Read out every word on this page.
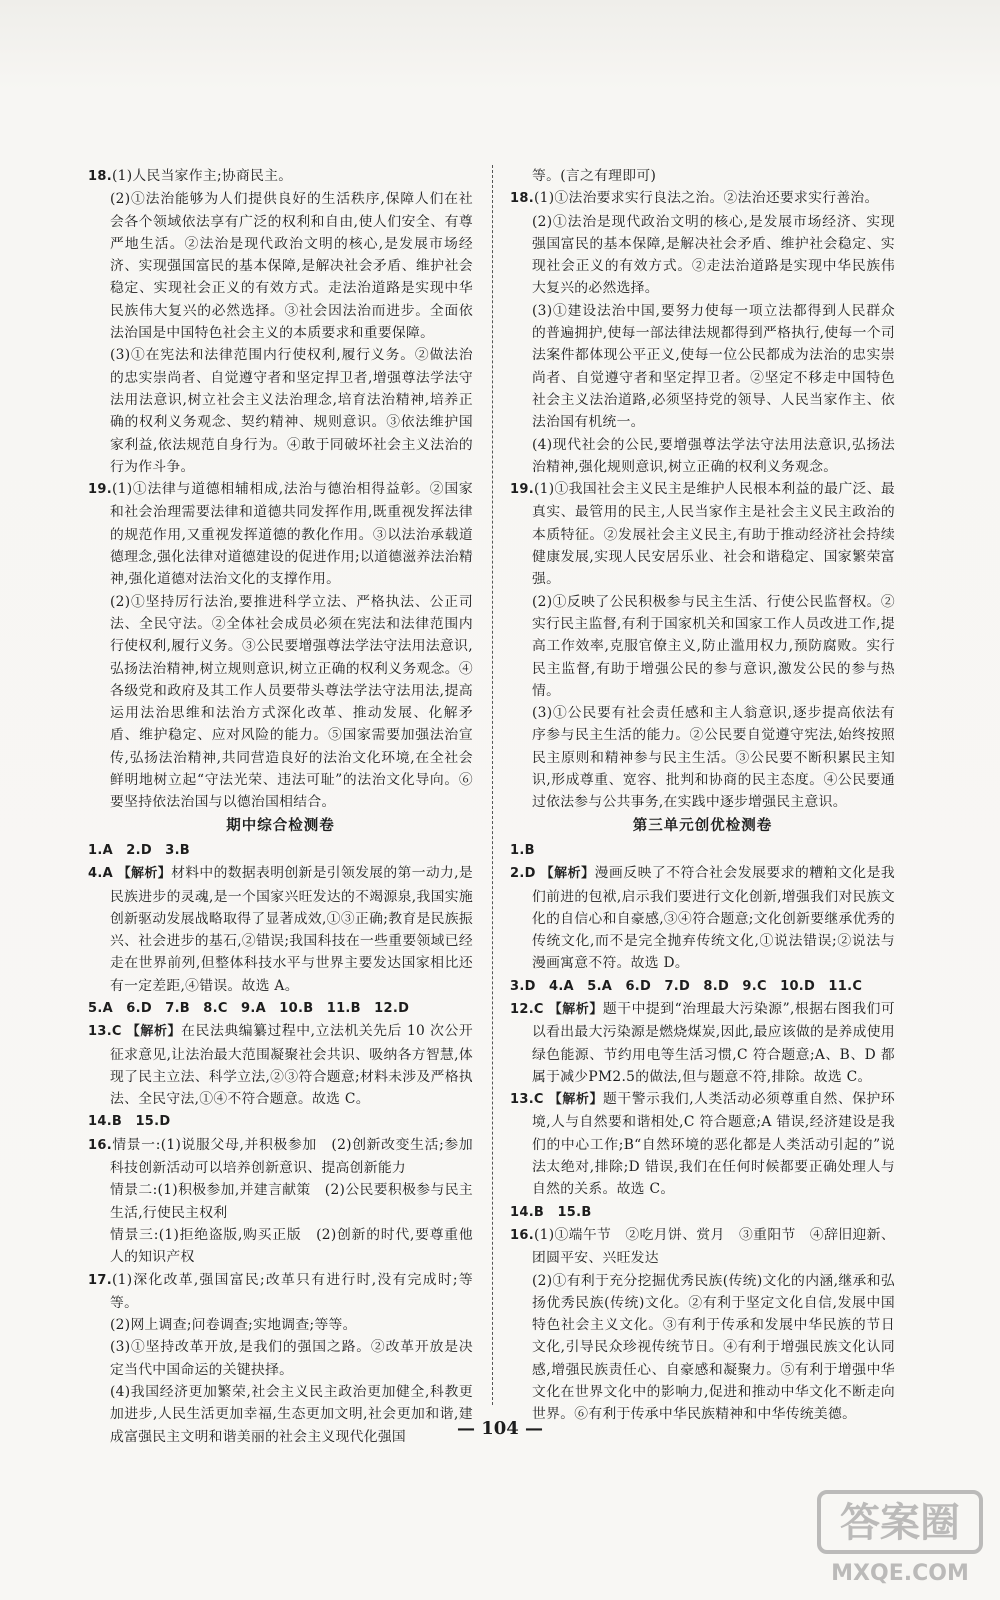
18.(1)人民当家作主;协商民主。

(2)①法治能够为人们提供良好的生活秩序,保障人们在社会各个领域依法享有广泛的权利和自由,使人们安全、有尊严地生活。②法治是现代政治文明的核心,是发展市场经济、实现强国富民的基本保障,是解决社会矛盾、维护社会稳定、实现社会正义的有效方式。走法治道路是实现中华民族伟大复兴的必然选择。③社会因法治而进步。全面依法治国是中国特色社会主义的本质要求和重要保障。

(3)①在宪法和法律范围内行使权利,履行义务。②做法治的忠实崇尚者、自觉遵守者和坚定捍卫者,增强尊法学法守法用法意识,树立社会主义法治理念,培育法治精神,培养正确的权利义务观念、契约精神、规则意识。③依法维护国家利益,依法规范自身行为。④敢于同破坏社会主义法治的行为作斗争。

19.(1)①法律与道德相辅相成,法治与德治相得益彰。②国家和社会治理需要法律和道德共同发挥作用,既重视发挥法律的规范作用,又重视发挥道德的教化作用。③以法治承载道德理念,强化法律对道德建设的促进作用;以道德滋养法治精神,强化道德对法治文化的支撑作用。

(2)①坚持厉行法治,要推进科学立法、严格执法、公正司法、全民守法。②全体社会成员必须在宪法和法律范围内行使权利,履行义务。③公民要增强尊法学法守法用法意识,弘扬法治精神,树立规则意识,树立正确的权利义务观念。④各级党和政府及其工作人员要带头尊法学法守法用法,提高运用法治思维和法治方式深化改革、推动发展、化解矛盾、维护稳定、应对风险的能力。⑤国家需要加强法治宣传,弘扬法治精神,共同营造良好的法治文化环境,在全社会鲜明地树立起“守法光荣、违法可耻”的法治文化导向。⑥要坚持依法治国与以德治国相结合。

期中综合检测卷

1.A　2.D　3.B

4.A 【解析】材料中的数据表明创新是引领发展的第一动力,是民族进步的灵魂,是一个国家兴旺发达的不竭源泉,我国实施创新驱动发展战略取得了显著成效,①③正确;教育是民族振兴、社会进步的基石,②错误;我国科技在一些重要领域已经走在世界前列,但整体科技水平与世界主要发达国家相比还有一定差距,④错误。故选 A。

5.A　6.D　7.B　8.C　9.A　10.B　11.B　12.D

13.C 【解析】在民法典编纂过程中,立法机关先后 10 次公开征求意见,让法治最大范围凝聚社会共识、吸纳各方智慧,体现了民主立法、科学立法,②③符合题意;材料未涉及严格执法、全民守法,①④不符合题意。故选 C。

14.B　15.D

16.情景一:(1)说服父母,并积极参加　(2)创新改变生活;参加科技创新活动可以培养创新意识、提高创新能力

情景二:(1)积极参加,并建言献策　(2)公民要积极参与民主生活,行使民主权利

情景三:(1)拒绝盗版,购买正版　(2)创新的时代,要尊重他人的知识产权

17.(1)深化改革,强国富民;改革只有进行时,没有完成时;等等。

(2)网上调查;问卷调查;实地调查;等等。

(3)①坚持改革开放,是我们的强国之路。②改革开放是决定当代中国命运的关键抉择。

(4)我国经济更加繁荣,社会主义民主政治更加健全,科教更加进步,人民生活更加幸福,生态更加文明,社会更加和谐,建成富强民主文明和谐美丽的社会主义现代化强国

等。(言之有理即可)

18.(1)①法治要求实行良法之治。②法治还要求实行善治。

(2)①法治是现代政治文明的核心,是发展市场经济、实现强国富民的基本保障,是解决社会矛盾、维护社会稳定、实现社会正义的有效方式。②走法治道路是实现中华民族伟大复兴的必然选择。

(3)①建设法治中国,要努力使每一项立法都得到人民群众的普遍拥护,使每一部法律法规都得到严格执行,使每一个司法案件都体现公平正义,使每一位公民都成为法治的忠实崇尚者、自觉遵守者和坚定捍卫者。②坚定不移走中国特色社会主义法治道路,必须坚持党的领导、人民当家作主、依法治国有机统一。

(4)现代社会的公民,要增强尊法学法守法用法意识,弘扬法治精神,强化规则意识,树立正确的权利义务观念。

19.(1)①我国社会主义民主是维护人民根本利益的最广泛、最真实、最管用的民主,人民当家作主是社会主义民主政治的本质特征。②发展社会主义民主,有助于推动经济社会持续健康发展,实现人民安居乐业、社会和谐稳定、国家繁荣富强。

(2)①反映了公民积极参与民主生活、行使公民监督权。②实行民主监督,有利于国家机关和国家工作人员改进工作,提高工作效率,克服官僚主义,防止滥用权力,预防腐败。实行民主监督,有助于增强公民的参与意识,激发公民的参与热情。

(3)①公民要有社会责任感和主人翁意识,逐步提高依法有序参与民主生活的能力。②公民要自觉遵守宪法,始终按照民主原则和精神参与民主生活。③公民要不断积累民主知识,形成尊重、宽容、批判和协商的民主态度。④公民要通过依法参与公共事务,在实践中逐步增强民主意识。

第三单元创优检测卷

1.B

2.D 【解析】漫画反映了不符合社会发展要求的糟粕文化是我们前进的包袱,启示我们要进行文化创新,增强我们对民族文化的自信心和自豪感,③④符合题意;文化创新要继承优秀的传统文化,而不是完全抛弃传统文化,①说法错误;②说法与漫画寓意不符。故选 D。

3.D　4.A　5.A　6.D　7.D　8.D　9.C　10.D　11.C

12.C 【解析】题干中提到“治理最大污染源”,根据右图我们可以看出最大污染源是燃烧煤炭,因此,最应该做的是养成使用绿色能源、节约用电等生活习惯,C 符合题意;A、B、D 都属于减少PM2.5的做法,但与题意不符,排除。故选 C。

13.C 【解析】题干警示我们,人类活动必须尊重自然、保护环境,人与自然要和谐相处,C 符合题意;A 错误,经济建设是我们的中心工作;B“自然环境的恶化都是人类活动引起的”说法太绝对,排除;D 错误,我们在任何时候都要正确处理人与自然的关系。故选 C。

14.B　15.B

16.(1)①端午节　②吃月饼、赏月　③重阳节　④辞旧迎新、团圆平安、兴旺发达

(2)①有利于充分挖掘优秀民族(传统)文化的内涵,继承和弘扬优秀民族(传统)文化。②有利于坚定文化自信,发展中国特色社会主义文化。③有利于传承和发展中华民族的节日文化,引导民众珍视传统节日。④有利于增强民族文化认同感,增强民族责任心、自豪感和凝聚力。⑤有利于增强中华文化在世界文化中的影响力,促进和推动中华文化不断走向世界。⑥有利于传承中华民族精神和中华传统美德。

— 104 —
答案圈
MXQE.COM
